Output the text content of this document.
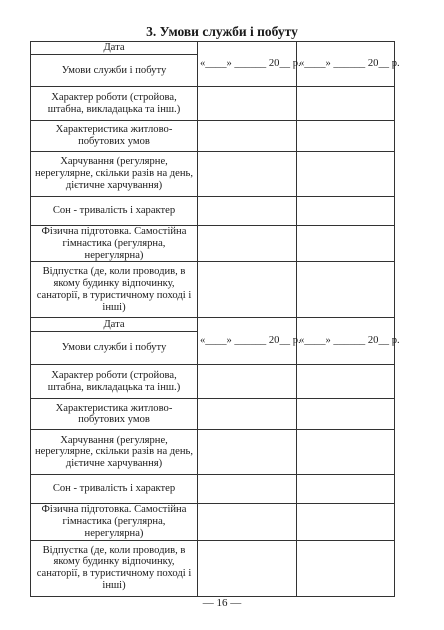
3. Умови служби і побуту
Дата	«____» ______ 20__ р.	«____» ______ 20__ р.
Умови служби і побуту		
Характер роботи (стройова, штабна, викладацька та інш.)		
Характеристика житлово-побутових умов		
Харчування (регулярне, нерегулярне, скільки разів на день, дієтичне харчування)		
Сон - тривалість і характер		
Фізична підготовка. Самостійна гімнастика (регулярна, нерегулярна)		
Відпустка (де, коли проводив, в якому будинку відпочинку, санаторії, в туристичному поході і інші)		
Дата	«____» ______ 20__ р.	«____» ______ 20__ р.
Умови служби і побуту		
Характер роботи (стройова, штабна, викладацька та інш.)		
Характеристика житлово-побутових умов		
Харчування (регулярне, нерегулярне, скільки разів на день, дієтичне харчування)		
Сон - тривалість і характер		
Фізична підготовка. Самостійна гімнастика (регулярна, нерегулярна)		
Відпустка (де, коли проводив, в якому будинку відпочинку, санаторії, в туристичному поході і інші)		
— 16 —
